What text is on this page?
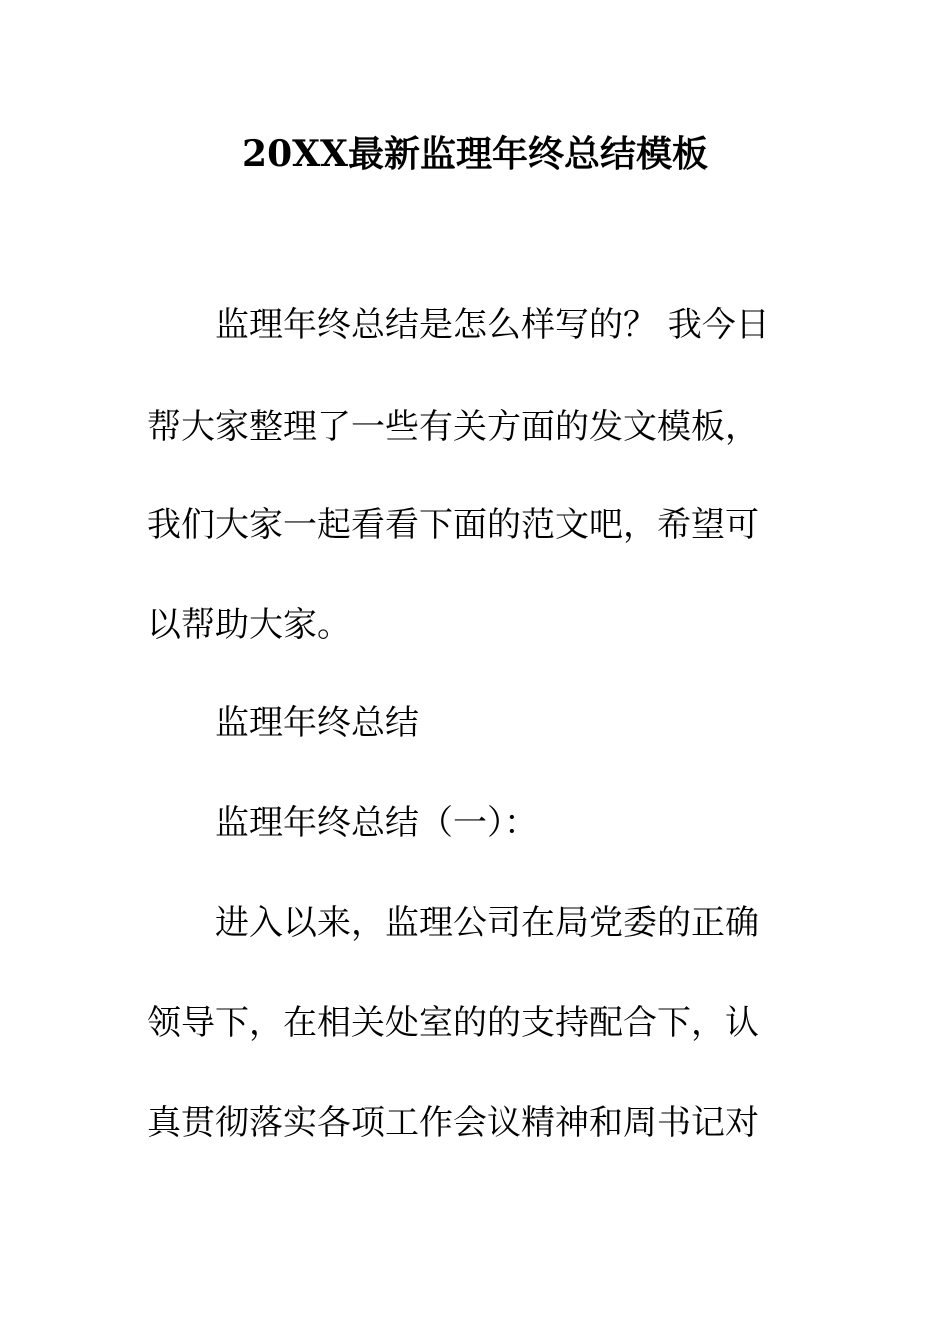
20XX最新监理年终总结模板
监理年终总结是怎么样写的？ 我今日
帮大家整理了一些有关方面的发文模板，
我们大家一起看看下面的范文吧，希望可
以帮助大家。
监理年终总结
监理年终总结（一）：
进入以来，监理公司在局党委的正确
领导下，在相关处室的的支持配合下，认
真贯彻落实各项工作会议精神和周书记对
